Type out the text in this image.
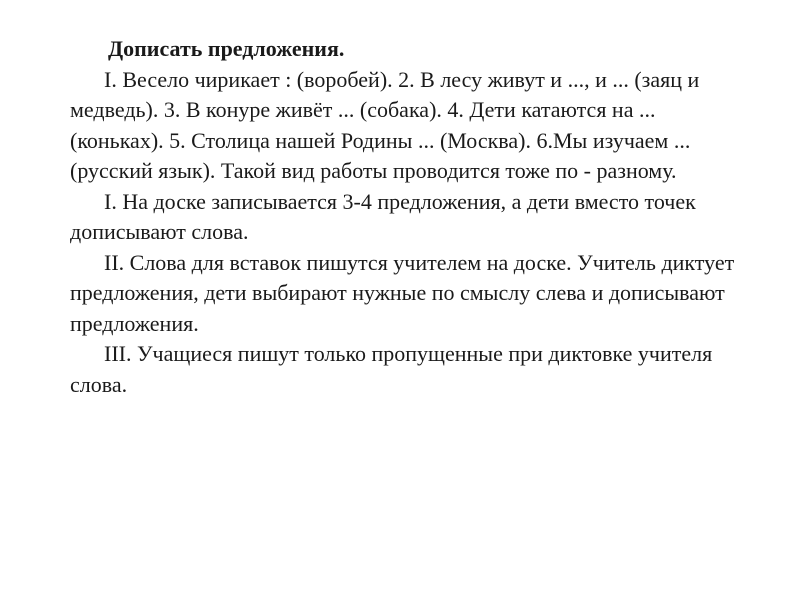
Дописать предложения.

I. Весело чирикает : (воробей). 2. В лесу живут и ..., и ... (заяц и медведь). 3. В конуре живёт ... (собака). 4. Дети катаются на ... (коньках). 5. Столица нашей Родины ... (Москва). 6.Мы изучаем ... (русский язык). Такой вид работы проводится тоже по - разному.

I. На доске записывается 3-4 предложения, а дети вместо точек дописывают слова.

II. Слова для вставок пишутся учителем на доске. Учитель диктует предложения, дети выбирают нужные по смыслу слева и дописывают предложения.

III. Учащиеся пишут только пропущенные при диктовке учителя слова.
